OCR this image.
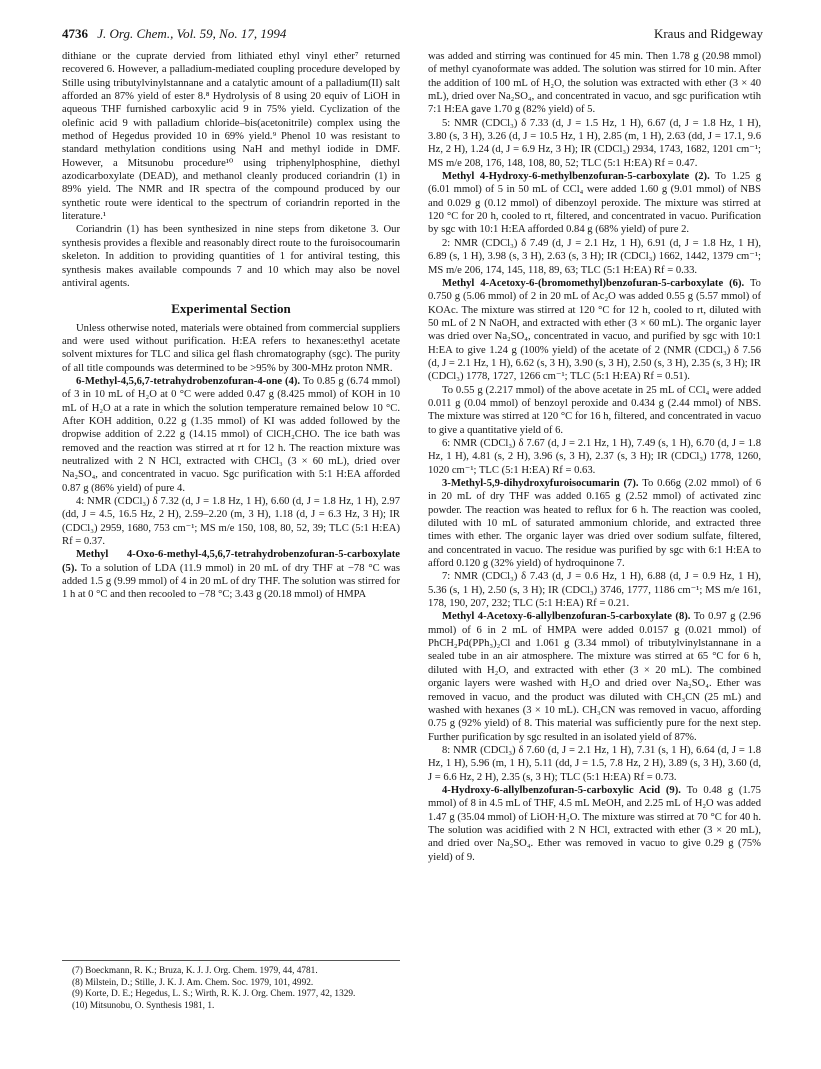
4736 J. Org. Chem., Vol. 59, No. 17, 1994	Kraus and Ridgeway

dithiane or the cuprate dervied from lithiated ethyl vinyl ether⁷ returned recovered 6. However, a palladium-mediated coupling procedure developed by Stille using tributylvinylstannane and a catalytic amount of a palladium(II) salt afforded an 87% yield of ester 8.⁸ Hydrolysis of 8 using 20 equiv of LiOH in aqueous THF furnished carboxylic acid 9 in 75% yield. Cyclization of the olefinic acid 9 with palladium chloride–bis(acetonitrile) complex using the method of Hegedus provided 10 in 69% yield.⁹ Phenol 10 was resistant to standard methylation conditions using NaH and methyl iodide in DMF. However, a Mitsunobu procedure¹⁰ using triphenylphosphine, diethyl azodicarboxylate (DEAD), and methanol cleanly produced coriandrin (1) in 89% yield. The NMR and IR spectra of the compound produced by our synthetic route were identical to the spectrum of coriandrin reported in the literature.¹

Coriandrin (1) has been synthesized in nine steps from diketone 3. Our synthesis provides a flexible and reasonably direct route to the furoisocoumarin skeleton. In addition to providing quantities of 1 for antiviral testing, this synthesis makes available compounds 7 and 10 which may also be novel antiviral agents.

Experimental Section

Unless otherwise noted, materials were obtained from commercial suppliers and were used without purification. H:EA refers to hexanes:ethyl acetate solvent mixtures for TLC and silica gel flash chromatography (sgc). The purity of all title compounds was determined to be >95% by 300-MHz proton NMR.

6-Methyl-4,5,6,7-tetrahydrobenzofuran-4-one (4). To 0.85 g (6.74 mmol) of 3 in 10 mL of H₂O at 0 °C were added 0.47 g (8.425 mmol) of KOH in 10 mL of H₂O at a rate in which the solution temperature remained below 10 °C. After KOH addition, 0.22 g (1.35 mmol) of KI was added followed by the dropwise addition of 2.22 g (14.15 mmol) of ClCH₂CHO. The ice bath was removed and the reaction was stirred at rt for 12 h. The reaction mixture was neutralized with 2 N HCl, extracted with CHCl₃ (3 × 60 mL), dried over Na₂SO₄, and concentrated in vacuo. Sgc purification with 5:1 H:EA afforded 0.87 g (86% yield) of pure 4.

4: NMR (CDCl₃) δ 7.32 (d, J = 1.8 Hz, 1 H), 6.60 (d, J = 1.8 Hz, 1 H), 2.97 (dd, J = 4.5, 16.5 Hz, 2 H), 2.59–2.20 (m, 3 H), 1.18 (d, J = 6.3 Hz, 3 H); IR (CDCl₃) 2959, 1680, 753 cm⁻¹; MS m/e 150, 108, 80, 52, 39; TLC (5:1 H:EA) Rf = 0.37.

Methyl 4-Oxo-6-methyl-4,5,6,7-tetrahydrobenzofuran-5-carboxylate (5). To a solution of LDA (11.9 mmol) in 20 mL of dry THF at −78 °C was added 1.5 g (9.99 mmol) of 4 in 20 mL of dry THF. The solution was stirred for 1 h at 0 °C and then recooled to −78 °C; 3.43 g (20.18 mmol) of HMPA

was added and stirring was continued for 45 min. Then 1.78 g (20.98 mmol) of methyl cyanoformate was added. The solution was stirred for 10 min. After the addition of 100 mL of H₂O, the solution was extracted with ether (3 × 40 mL), dried over Na₂SO₄, and concentrated in vacuo, and sgc purification wtih 7:1 H:EA gave 1.70 g (82% yield) of 5.

5: NMR (CDCl₃) δ 7.33 (d, J = 1.5 Hz, 1 H), 6.67 (d, J = 1.8 Hz, 1 H), 3.80 (s, 3 H), 3.26 (d, J = 10.5 Hz, 1 H), 2.85 (m, 1 H), 2.63 (dd, J = 17.1, 9.6 Hz, 2 H), 1.24 (d, J = 6.9 Hz, 3 H); IR (CDCl₃) 2934, 1743, 1682, 1201 cm⁻¹; MS m/e 208, 176, 148, 108, 80, 52; TLC (5:1 H:EA) Rf = 0.47.

Methyl 4-Hydroxy-6-methylbenzofuran-5-carboxylate (2). To 1.25 g (6.01 mmol) of 5 in 50 mL of CCl₄ were added 1.60 g (9.01 mmol) of NBS and 0.029 g (0.12 mmol) of dibenzoyl peroxide. The mixture was stirred at 120 °C for 20 h, cooled to rt, filtered, and concentrated in vacuo. Purification by sgc with 10:1 H:EA afforded 0.84 g (68% yield) of pure 2.

2: NMR (CDCl₃) δ 7.49 (d, J = 2.1 Hz, 1 H), 6.91 (d, J = 1.8 Hz, 1 H), 6.89 (s, 1 H), 3.98 (s, 3 H), 2.63 (s, 3 H); IR (CDCl₃) 1662, 1442, 1379 cm⁻¹; MS m/e 206, 174, 145, 118, 89, 63; TLC (5:1 H:EA) Rf = 0.33.

Methyl 4-Acetoxy-6-(bromomethyl)benzofuran-5-carboxylate (6). To 0.750 g (5.06 mmol) of 2 in 20 mL of Ac₂O was added 0.55 g (5.57 mmol) of KOAc. The mixture was stirred at 120 °C for 12 h, cooled to rt, diluted with 50 mL of 2 N NaOH, and extracted with ether (3 × 60 mL). The organic layer was dried over Na₂SO₄, concentrated in vacuo, and purified by sgc with 10:1 H:EA to give 1.24 g (100% yield) of the acetate of 2 (NMR (CDCl₃) δ 7.56 (d, J = 2.1 Hz, 1 H), 6.62 (s, 3 H), 3.90 (s, 3 H), 2.50 (s, 3 H), 2.35 (s, 3 H); IR (CDCl₃) 1778, 1727, 1266 cm⁻¹; TLC (5:1 H:EA) Rf = 0.51).

To 0.55 g (2.217 mmol) of the above acetate in 25 mL of CCl₄ were added 0.011 g (0.04 mmol) of benzoyl peroxide and 0.434 g (2.44 mmol) of NBS. The mixture was stirred at 120 °C for 16 h, filtered, and concentrated in vacuo to give a quantitative yield of 6.

6: NMR (CDCl₃) δ 7.67 (d, J = 2.1 Hz, 1 H), 7.49 (s, 1 H), 6.70 (d, J = 1.8 Hz, 1 H), 4.81 (s, 2 H), 3.96 (s, 3 H), 2.37 (s, 3 H); IR (CDCl₃) 1778, 1260, 1020 cm⁻¹; TLC (5:1 H:EA) Rf = 0.63.

3-Methyl-5,9-dihydroxyfuroisocumarin (7). To 0.66g (2.02 mmol) of 6 in 20 mL of dry THF was added 0.165 g (2.52 mmol) of activated zinc powder. The reaction was heated to reflux for 6 h. The reaction was cooled, diluted with 10 mL of saturated ammonium chloride, and extracted three times with ether. The organic layer was dried over sodium sulfate, filtered, and concentrated in vacuo. The residue was purified by sgc with 6:1 H:EA to afford 0.120 g (32% yield) of hydroquinone 7.

7: NMR (CDCl₃) δ 7.43 (d, J = 0.6 Hz, 1 H), 6.88 (d, J = 0.9 Hz, 1 H), 5.36 (s, 1 H), 2.50 (s, 3 H); IR (CDCl₃) 3746, 1777, 1186 cm⁻¹; MS m/e 161, 178, 190, 207, 232; TLC (5:1 H:EA) Rf = 0.21.

Methyl 4-Acetoxy-6-allylbenzofuran-5-carboxylate (8). To 0.97 g (2.96 mmol) of 6 in 2 mL of HMPA were added 0.0157 g (0.021 mmol) of PhCH₂Pd(PPh₃)₂Cl and 1.061 g (3.34 mmol) of tributylvinylstannane in a sealed tube in an air atmosphere. The mixture was stirred at 65 °C for 6 h, diluted with H₂O, and extracted with ether (3 × 20 mL). The combined organic layers were washed with H₂O and dried over Na₂SO₄. Ether was removed in vacuo, and the product was diluted with CH₃CN (25 mL) and washed with hexanes (3 × 10 mL). CH₃CN was removed in vacuo, affording 0.75 g (92% yield) of 8. This material was sufficiently pure for the next step. Further purification by sgc resulted in an isolated yield of 87%.

8: NMR (CDCl₃) δ 7.60 (d, J = 2.1 Hz, 1 H), 7.31 (s, 1 H), 6.64 (d, J = 1.8 Hz, 1 H), 5.96 (m, 1 H), 5.11 (dd, J = 1.5, 7.8 Hz, 2 H), 3.89 (s, 3 H), 3.60 (d, J = 6.6 Hz, 2 H), 2.35 (s, 3 H); TLC (5:1 H:EA) Rf = 0.73.

4-Hydroxy-6-allylbenzofuran-5-carboxylic Acid (9). To 0.48 g (1.75 mmol) of 8 in 4.5 mL of THF, 4.5 mL MeOH, and 2.25 mL of H₂O was added 1.47 g (35.04 mmol) of LiOH·H₂O. The mixture was stirred at 70 °C for 40 h. The solution was acidified with 2 N HCl, extracted with ether (3 × 20 mL), and dried over Na₂SO₄. Ether was removed in vacuo to give 0.29 g (75% yield) of 9.

(7) Boeckmann, R. K.; Bruza, K. J. J. Org. Chem. 1979, 44, 4781.

(8) Milstein, D.; Stille, J. K. J. Am. Chem. Soc. 1979, 101, 4992.

(9) Korte, D. E.; Hegedus, L. S.; Wirth, R. K. J. Org. Chem. 1977, 42, 1329.

(10) Mitsunobu, O. Synthesis 1981, 1.
